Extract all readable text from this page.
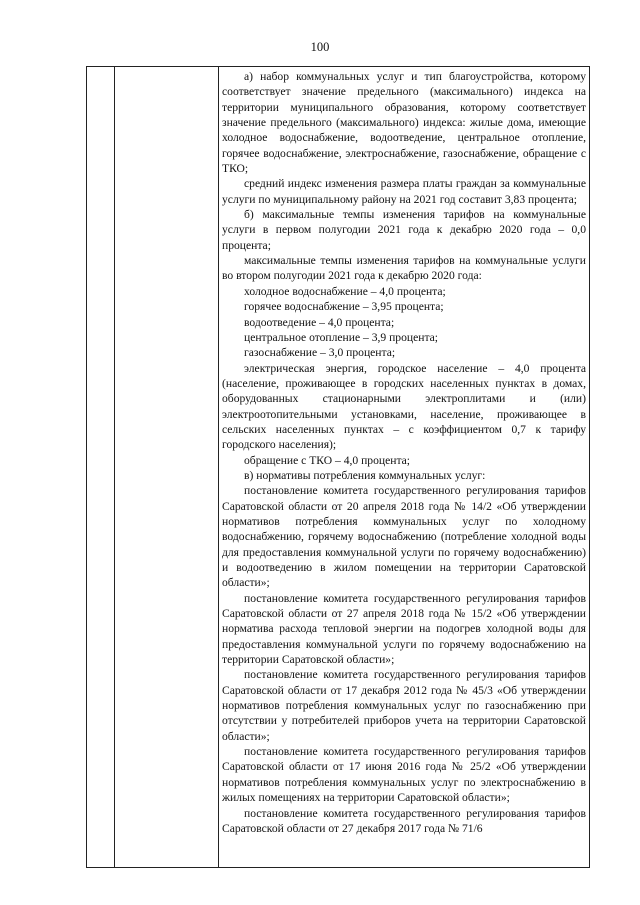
100

а) набор коммунальных услуг и тип благоустройства, которому соответствует значение предельного (максимального) индекса на территории муниципального образования, которому соответствует значение предельного (максимального) индекса: жилые дома, имеющие холодное водоснабжение, водоотведение, центральное отопление, горячее водоснабжение, электроснабжение, газоснабжение, обращение с ТКО;

средний индекс изменения размера платы граждан за коммунальные услуги по муниципальному району на 2021 год составит 3,83 процента;

б) максимальные темпы изменения тарифов на коммунальные услуги в первом полугодии 2021 года к декабрю 2020 года – 0,0 процента;

максимальные темпы изменения тарифов на коммунальные услуги во втором полугодии 2021 года к декабрю 2020 года:

холодное водоснабжение – 4,0 процента;

горячее водоснабжение – 3,95 процента;

водоотведение – 4,0 процента;

центральное отопление – 3,9 процента;

газоснабжение – 3,0 процента;

электрическая энергия, городское население – 4,0 процента (население, проживающее в городских населенных пунктах в домах, оборудованных стационарными электроплитами и (или) электроотопительными установками, население, проживающее в сельских населенных пунктах – с коэффициентом 0,7 к тарифу городского населения);

обращение с ТКО – 4,0 процента;

в) нормативы потребления коммунальных услуг:

постановление комитета государственного регулирования тарифов Саратовской области от 20 апреля 2018 года № 14/2 «Об утверждении нормативов потребления коммунальных услуг по холодному водоснабжению, горячему водоснабжению (потребление холодной воды для предоставления коммунальной услуги по горячему водоснабжению) и водоотведению в жилом помещении на территории Саратовской области»;

постановление комитета государственного регулирования тарифов Саратовской области от 27 апреля 2018 года № 15/2 «Об утверждении норматива расхода тепловой энергии на подогрев холодной воды для предоставления коммунальной услуги по горячему водоснабжению на территории Саратовской области»;

постановление комитета государственного регулирования тарифов Саратовской области от 17 декабря 2012 года № 45/3 «Об утверждении нормативов потребления коммунальных услуг по газоснабжению при отсутствии у потребителей приборов учета на территории Саратовской области»;

постановление комитета государственного регулирования тарифов Саратовской области от 17 июня 2016 года № 25/2 «Об утверждении нормативов потребления коммунальных услуг по электроснабжению в жилых помещениях на территории Саратовской области»;

постановление комитета государственного регулирования тарифов Саратовской области от 27 декабря 2017 года № 71/6
